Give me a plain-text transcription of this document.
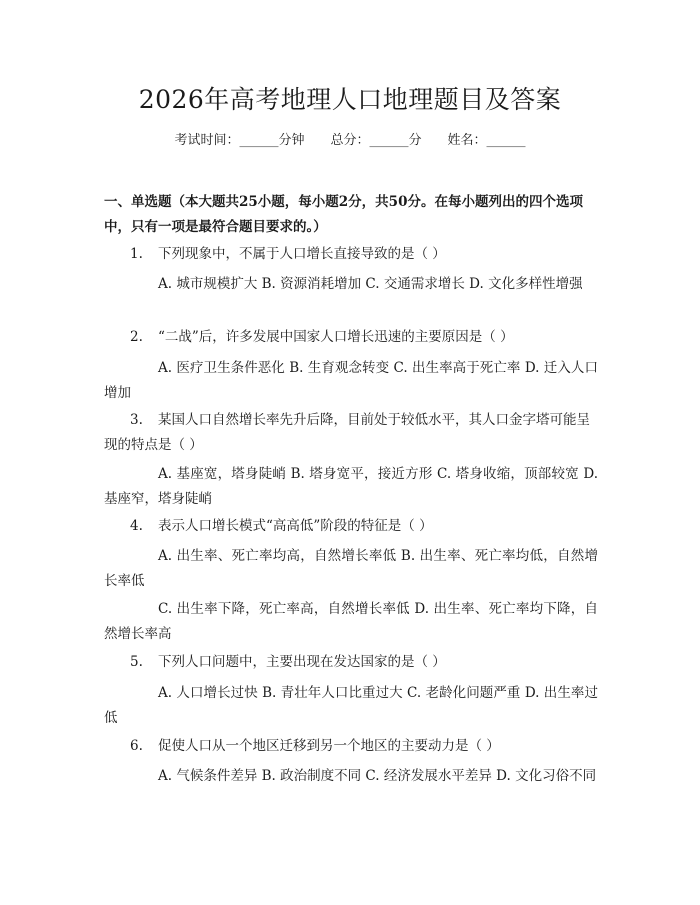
2026年高考地理人口地理题目及答案
考试时间：______分钟 总分：______分 姓名：______
一、单选题（本大题共25小题，每小题2分，共50分。在每小题列出的四个选项中，只有一项是最符合题目要求的。）
1. 下列现象中，不属于人口增长直接导致的是（ ）
A. 城市规模扩大 B. 资源消耗增加 C. 交通需求增长 D. 文化多样性增强
2. “二战”后，许多发展中国家人口增长迅速的主要原因是（ ）
A. 医疗卫生条件恶化 B. 生育观念转变 C. 出生率高于死亡率 D. 迁入人口增加
3. 某国人口自然增长率先升后降，目前处于较低水平，其人口金字塔可能呈现的特点是（ ）
A. 基座宽，塔身陡峭 B. 塔身宽平，接近方形 C. 塔身收缩，顶部较宽 D. 基座窄，塔身陡峭
4. 表示人口增长模式“高高低”阶段的特征是（ ）
A. 出生率、死亡率均高，自然增长率低 B. 出生率、死亡率均低，自然增长率低
C. 出生率下降，死亡率高，自然增长率低 D. 出生率、死亡率均下降，自然增长率高
5. 下列人口问题中，主要出现在发达国家的是（ ）
A. 人口增长过快 B. 青壮年人口比重过大 C. 老龄化问题严重 D. 出生率过低
6. 促使人口从一个地区迁移到另一个地区的主要动力是（ ）
A. 气候条件差异 B. 政治制度不同 C. 经济发展水平差异 D. 文化习俗不同
